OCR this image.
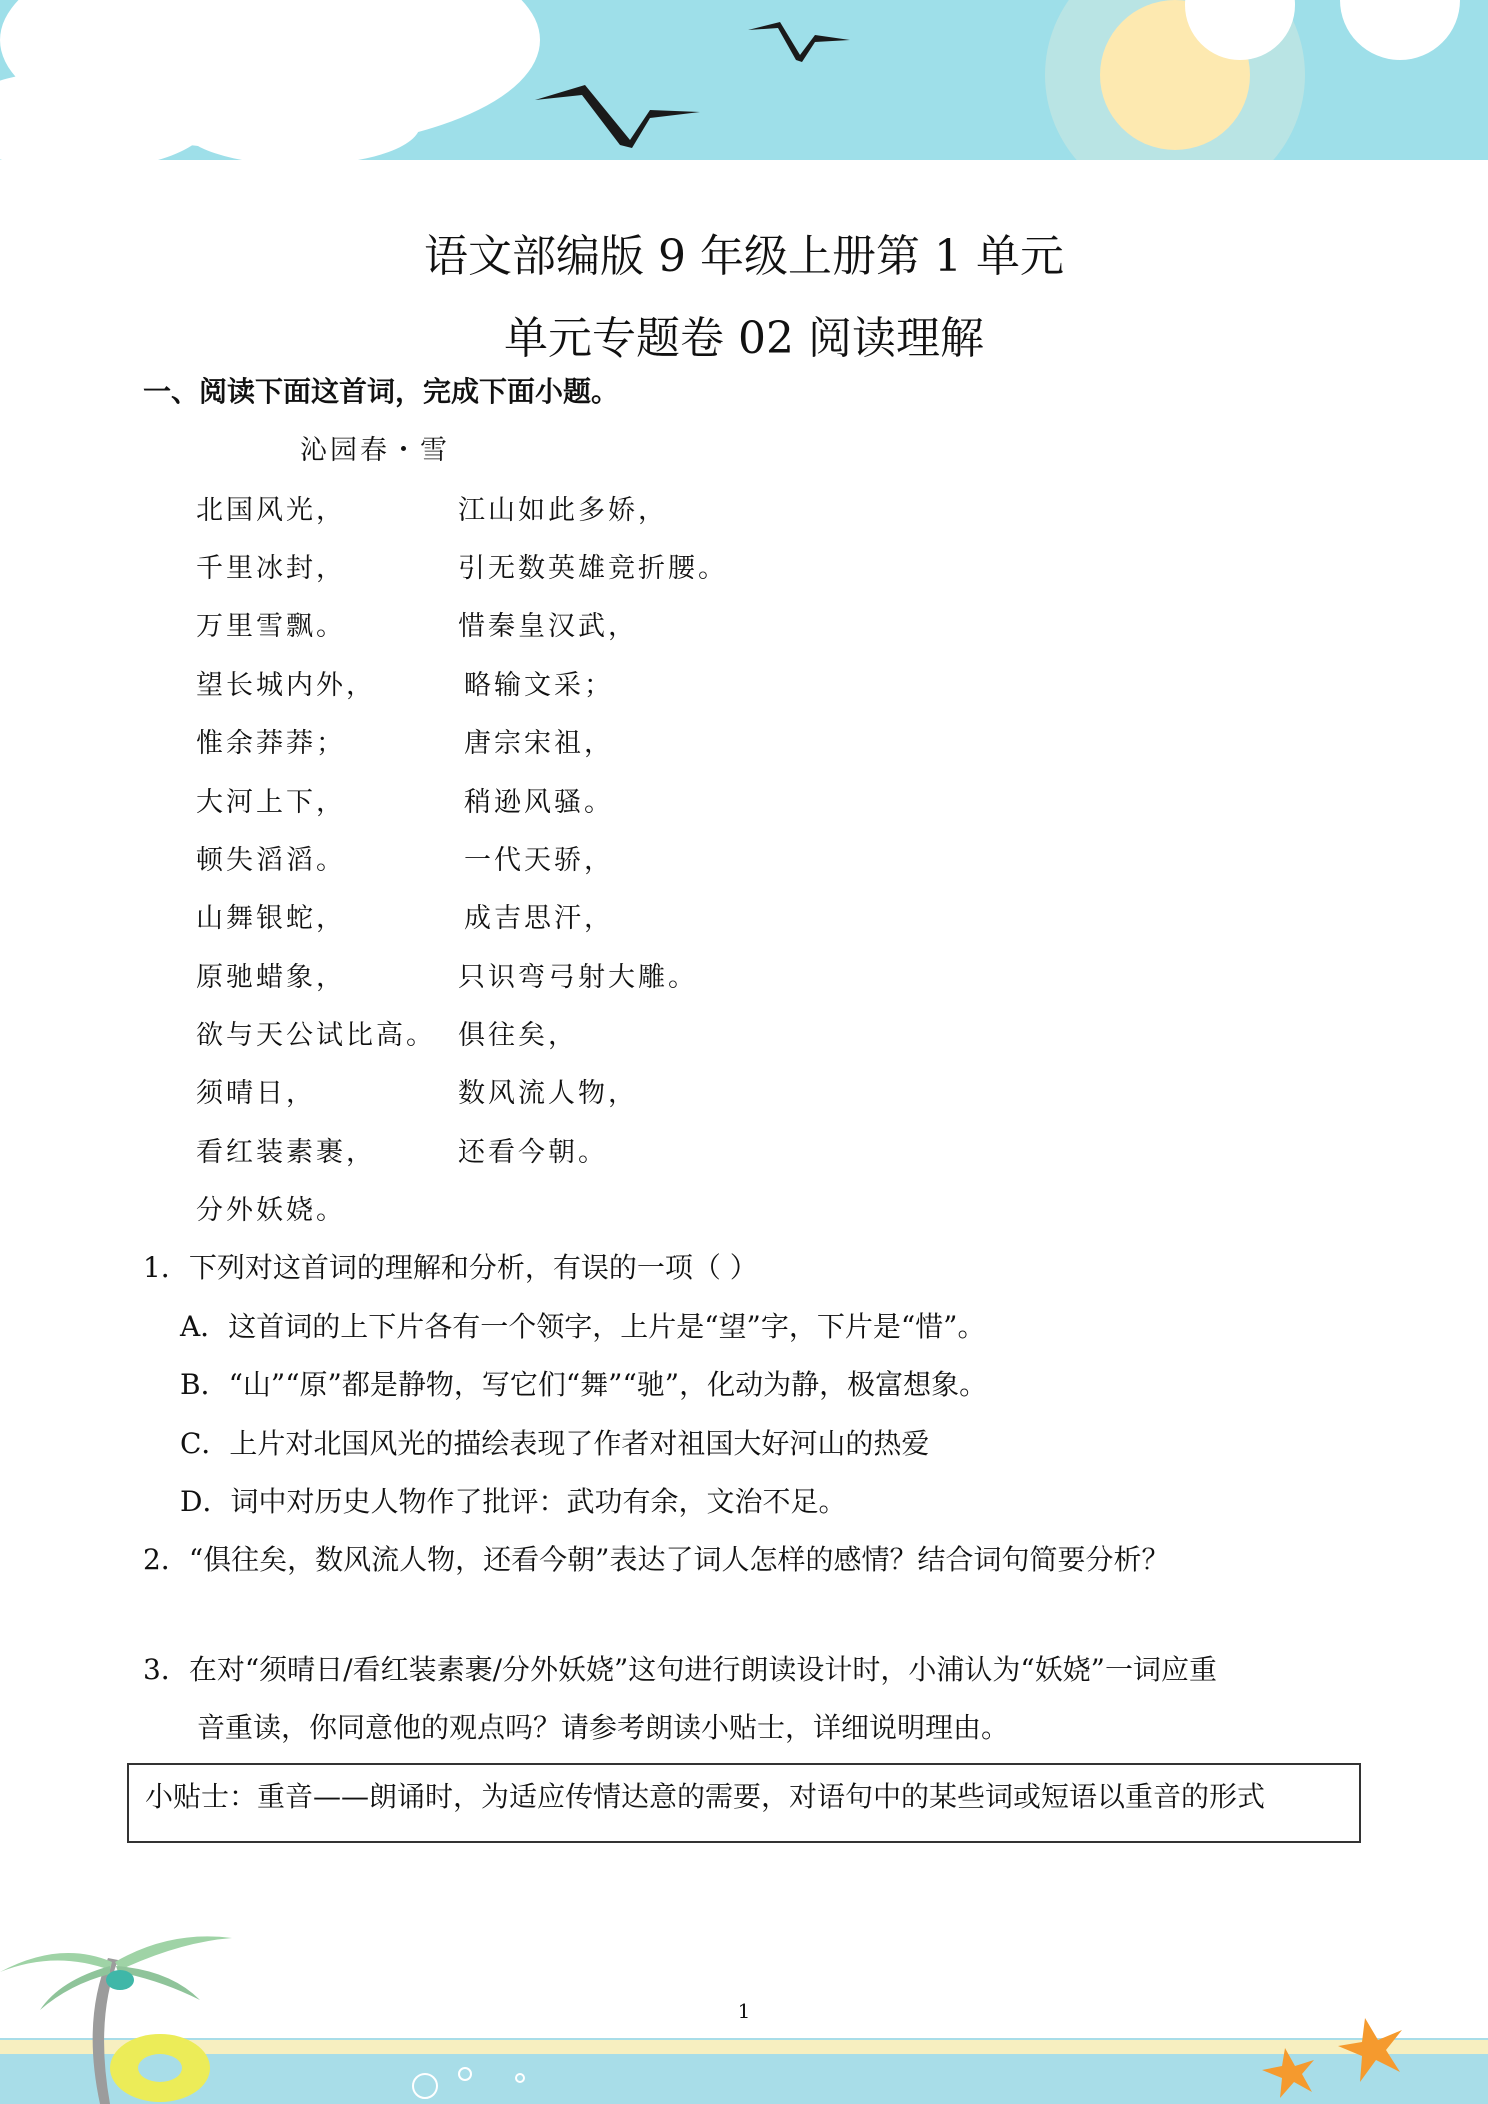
语文部编版 9 年级上册第 1 单元
单元专题卷 02 阅读理解
一、阅读下面这首词，完成下面小题。
沁园春・雪
北国风光，
千里冰封，
万里雪飘。
望长城内外，
惟余莽莽；
大河上下，
顿失滔滔。
山舞银蛇，
原驰蜡象，
欲与天公试比高。
须晴日，
看红装素裹，
分外妖娆。
江山如此多娇，
引无数英雄竞折腰。
惜秦皇汉武，
略输文采；
唐宗宋祖，
稍逊风骚。
一代天骄，
成吉思汗，
只识弯弓射大雕。
俱往矣，
数风流人物，
还看今朝。
1．下列对这首词的理解和分析，有误的一项（ ）
A．这首词的上下片各有一个领字，上片是“望”字，下片是“惜”。
B．“山”“原”都是静物，写它们“舞”“驰”，化动为静，极富想象。
C．上片对北国风光的描绘表现了作者对祖国大好河山的热爱
D．词中对历史人物作了批评：武功有余，文治不足。
2．“俱往矣，数风流人物，还看今朝”表达了词人怎样的感情？结合词句简要分析？
3．在对“须晴日/看红装素裹/分外妖娆”这句进行朗读设计时，小浦认为“妖娆”一词应重
音重读，你同意他的观点吗？请参考朗读小贴士，详细说明理由。
小贴士：重音——朗诵时，为适应传情达意的需要，对语句中的某些词或短语以重音的形式
1
